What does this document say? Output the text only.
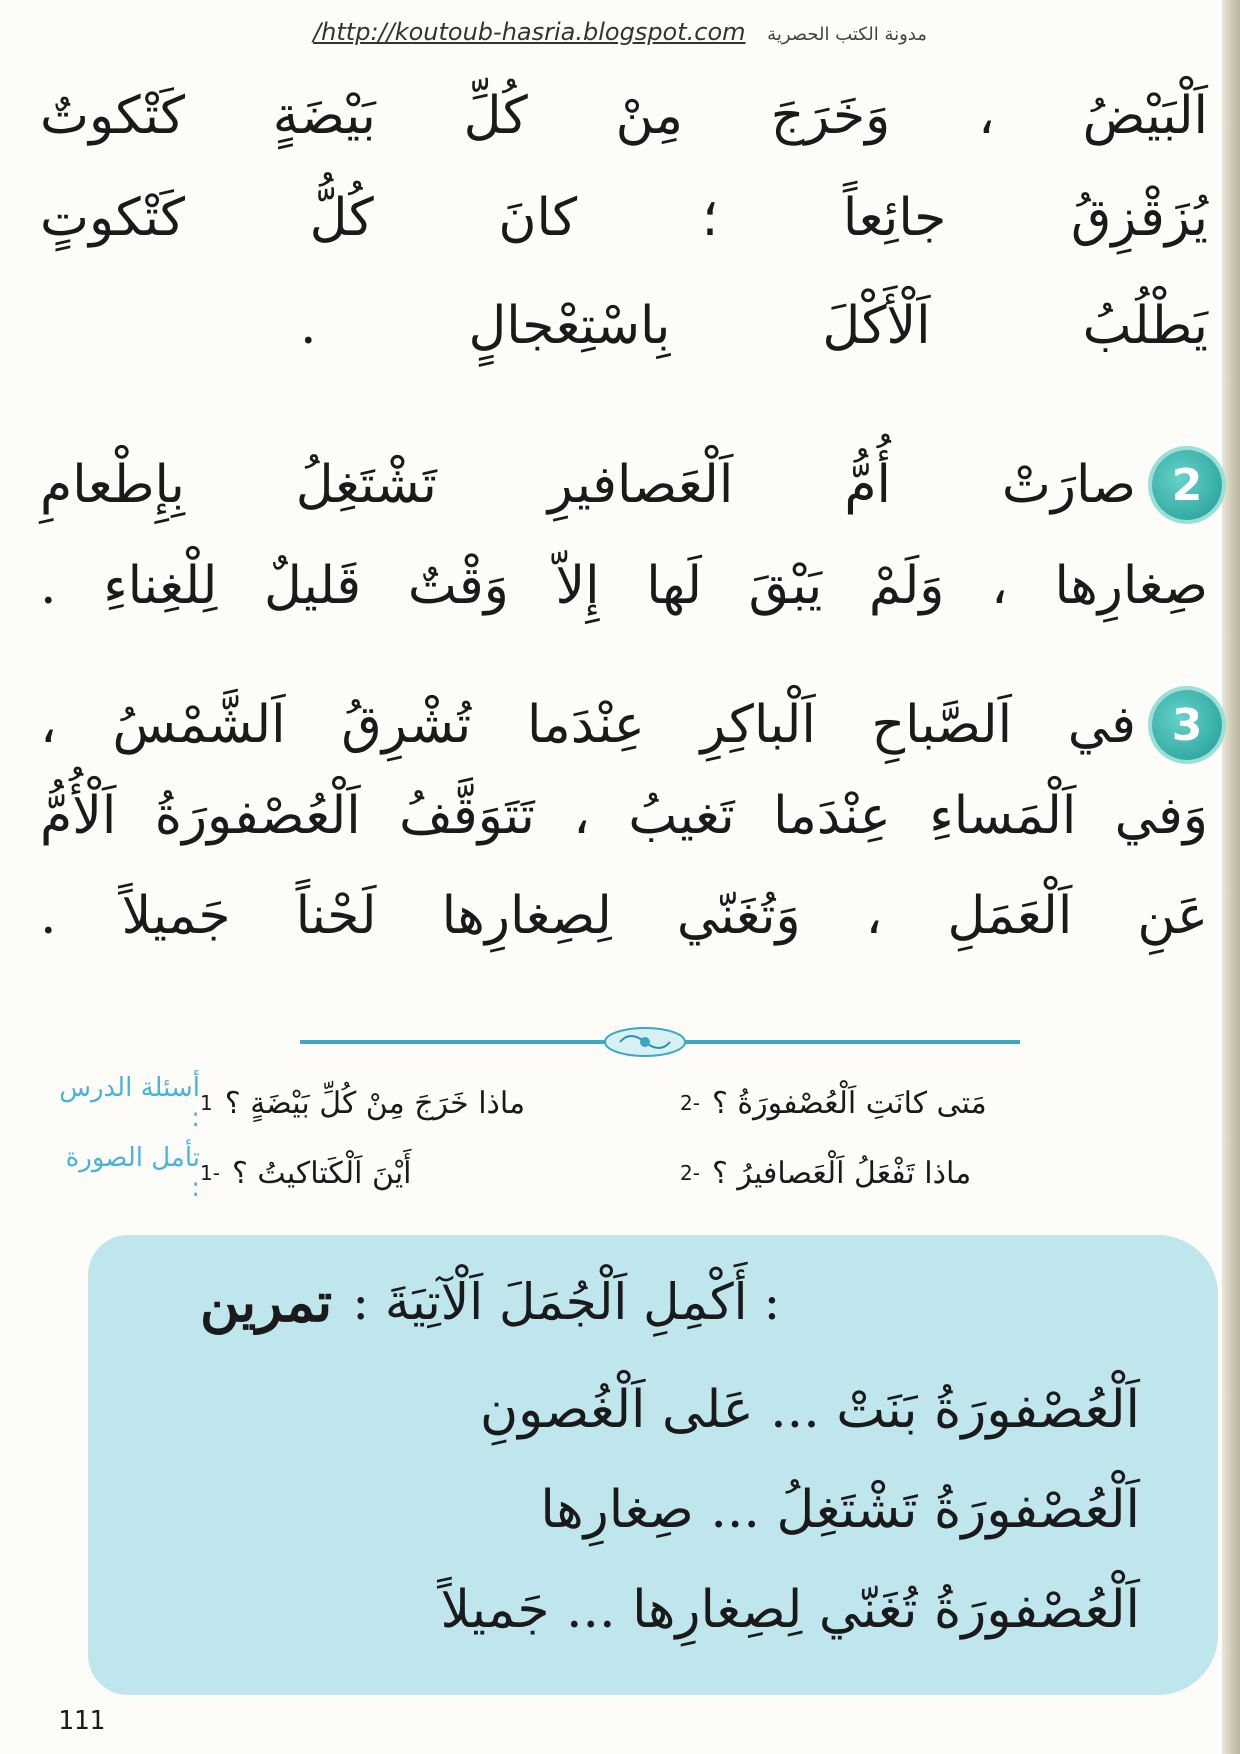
/http://koutoub-hasria.blogspot.com مدونة الكتب الحصرية
اَلْبَيْضُ ، وَخَرَجَ مِنْ كُلِّ بَيْضَةٍ كَتْكوتٌ
يُزَقْزِقُ جائِعاً ؛ كانَ كُلُّ كَتْكوتٍ
يَطْلُبُ اَلْأَكْلَ بِاسْتِعْجالٍ .
2
صارَتْ أُمُّ اَلْعَصافيرِ تَشْتَغِلُ بِإِطْعامِ
صِغارِها ، وَلَمْ يَبْقَ لَها إِلاّ وَقْتٌ قَليلٌ لِلْغِناءِ .
3
في اَلصَّباحِ اَلْباكِرِ عِنْدَما تُشْرِقُ اَلشَّمْسُ ،
وَفي اَلْمَساءِ عِنْدَما تَغيبُ ، تَتَوَقَّفُ اَلْعُصْفورَةُ اَلْأُمُّ
عَنِ اَلْعَمَلِ ، وَتُغَنّي لِصِغارِها لَحْناً جَميلاً .
أسئلة الدرس : 1 ماذا خَرَجَ مِنْ كُلِّ بَيْضَةٍ ؟	-2 مَتى كانَتِ اَلْعُصْفورَةُ ؟
تأمل الصورة : -1 أَيْنَ اَلْكَتاكيتُ ؟	-2 ماذا تَفْعَلُ اَلْعَصافيرُ ؟
تمرين : أَكْمِلِ اَلْجُمَلَ اَلْآتِيَةَ :
اَلْعُصْفورَةُ بَنَتْ ... عَلى اَلْغُصونِ
اَلْعُصْفورَةُ تَشْتَغِلُ ... صِغارِها
اَلْعُصْفورَةُ تُغَنّي لِصِغارِها ... جَميلاً
111
